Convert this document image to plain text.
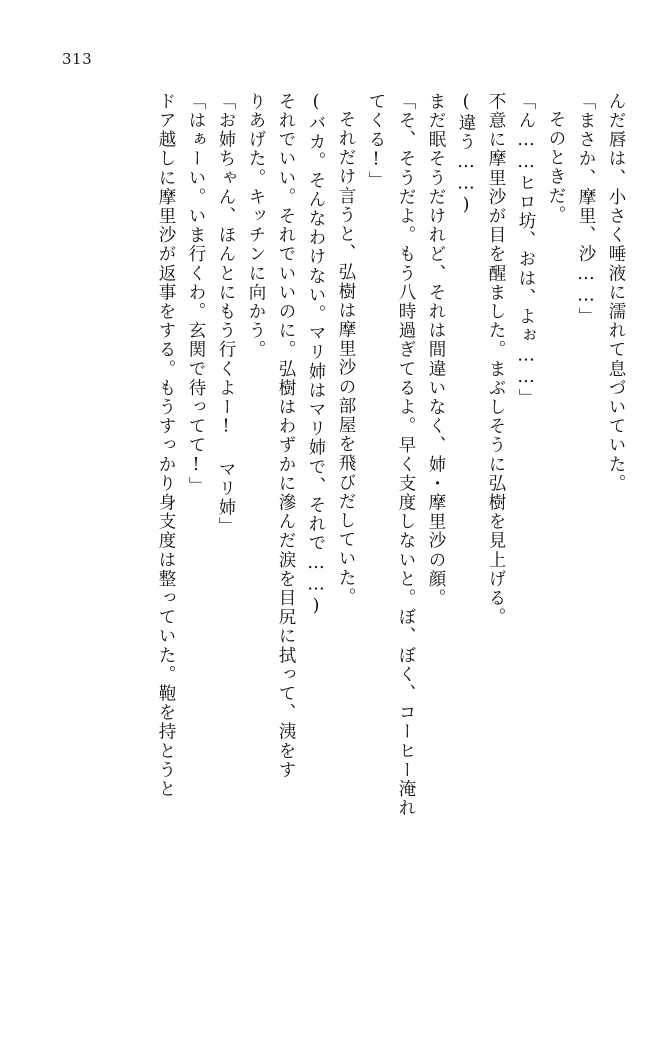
313
んだ唇は、小さく唾液に濡れて息づいていた。
「まさか、摩里、沙……」
そのときだ。
「ん……ヒロ坊、おは、よぉ……」
不意に摩里沙が目を醒ました。まぶしそうに弘樹を見上げる。
(違う……)
まだ眠そうだけれど、それは間違いなく、姉・摩里沙の顔。
「そ、そうだよ。もう八時過ぎてるよ。早く支度しないと。ぼ、ぼく、コーヒー淹れ
てくる!」
それだけ言うと、弘樹は摩里沙の部屋を飛びだしていた。
(バカ。そんなわけない。マリ姉はマリ姉で、それで……)
それでいい。それでいいのに。弘樹はわずかに滲んだ涙を目尻に拭って、洟をす
りあげた。キッチンに向かう。
「お姉ちゃん、ほんとにもう行くよー! マリ姉」
「はぁーい。いま行くわ。玄関で待ってて!」
ドア越しに摩里沙が返事をする。もうすっかり身支度は整っていた。鞄を持とうと
